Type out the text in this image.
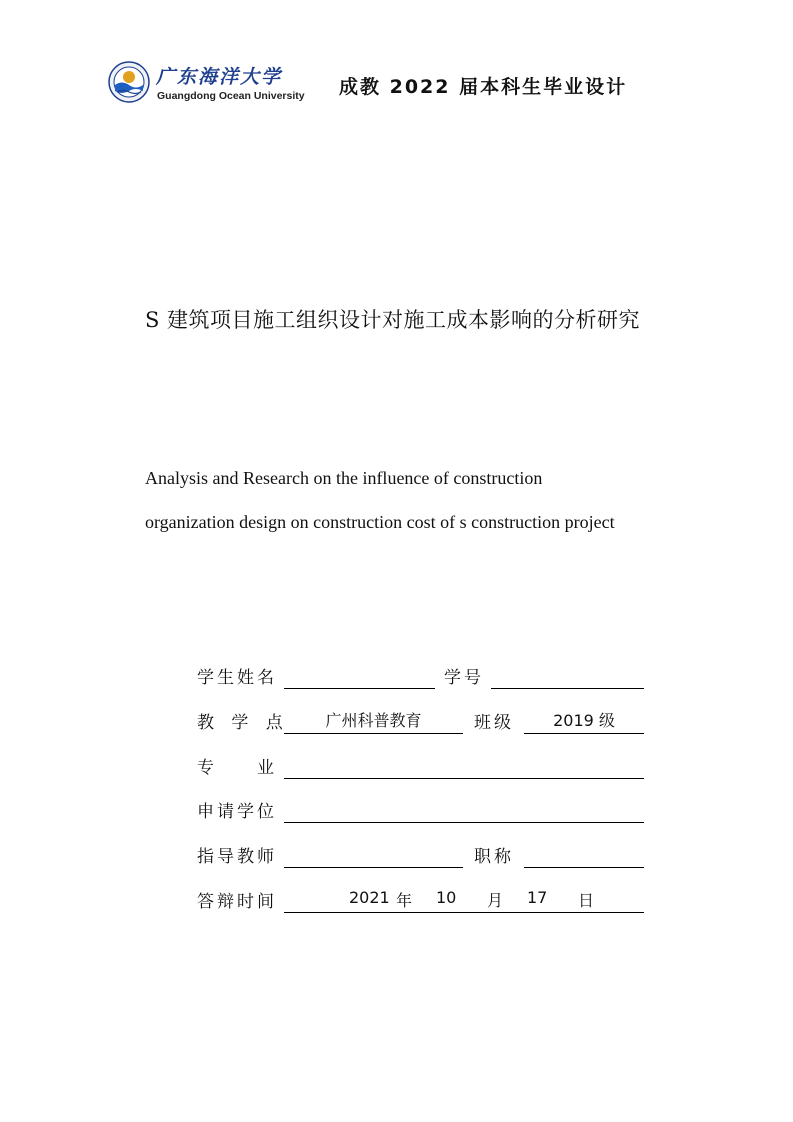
广东海洋大学
Guangdong Ocean University 成教 2022 届本科生毕业设计
S 建筑项目施工组织设计对施工成本影响的分析研究
Analysis and Research on the influence of construction
organization design on construction cost of s construction project
学生姓名	学号
教 学 点	广州科普教育	班级	2019 级
专 业
申请学位
指导教师	职称
答辩时间	2021 年 10 月 17 日
